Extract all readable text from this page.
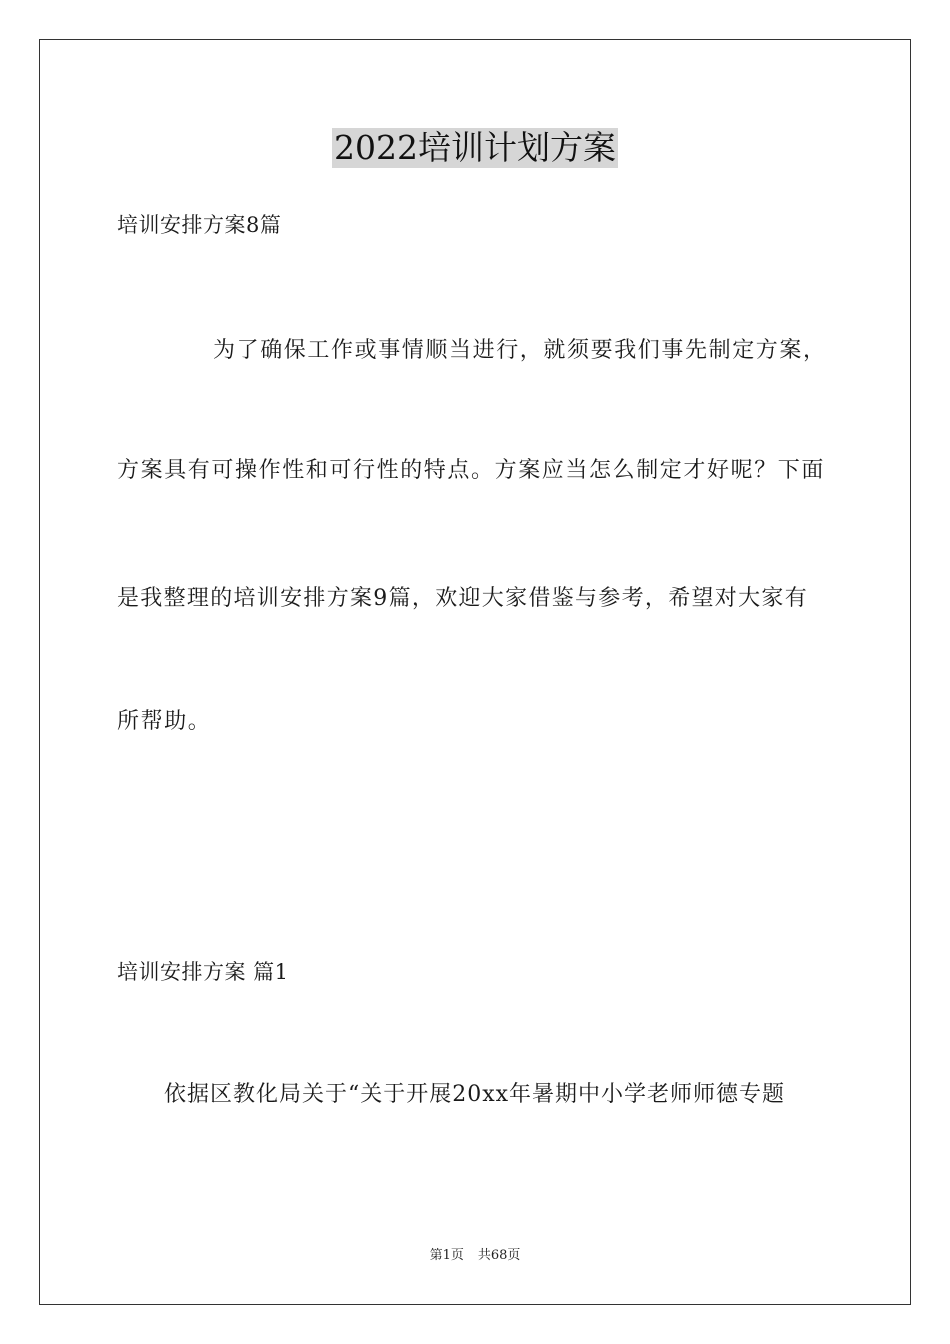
2022培训计划方案
培训安排方案8篇
为了确保工作或事情顺当进行，就须要我们事先制定方案，
方案具有可操作性和可行性的特点。方案应当怎么制定才好呢？下面
是我整理的培训安排方案9篇，欢迎大家借鉴与参考，希望对大家有
所帮助。
培训安排方案 篇1
依据区教化局关于“关于开展20xx年暑期中小学老师师德专题
第1页 共68页
